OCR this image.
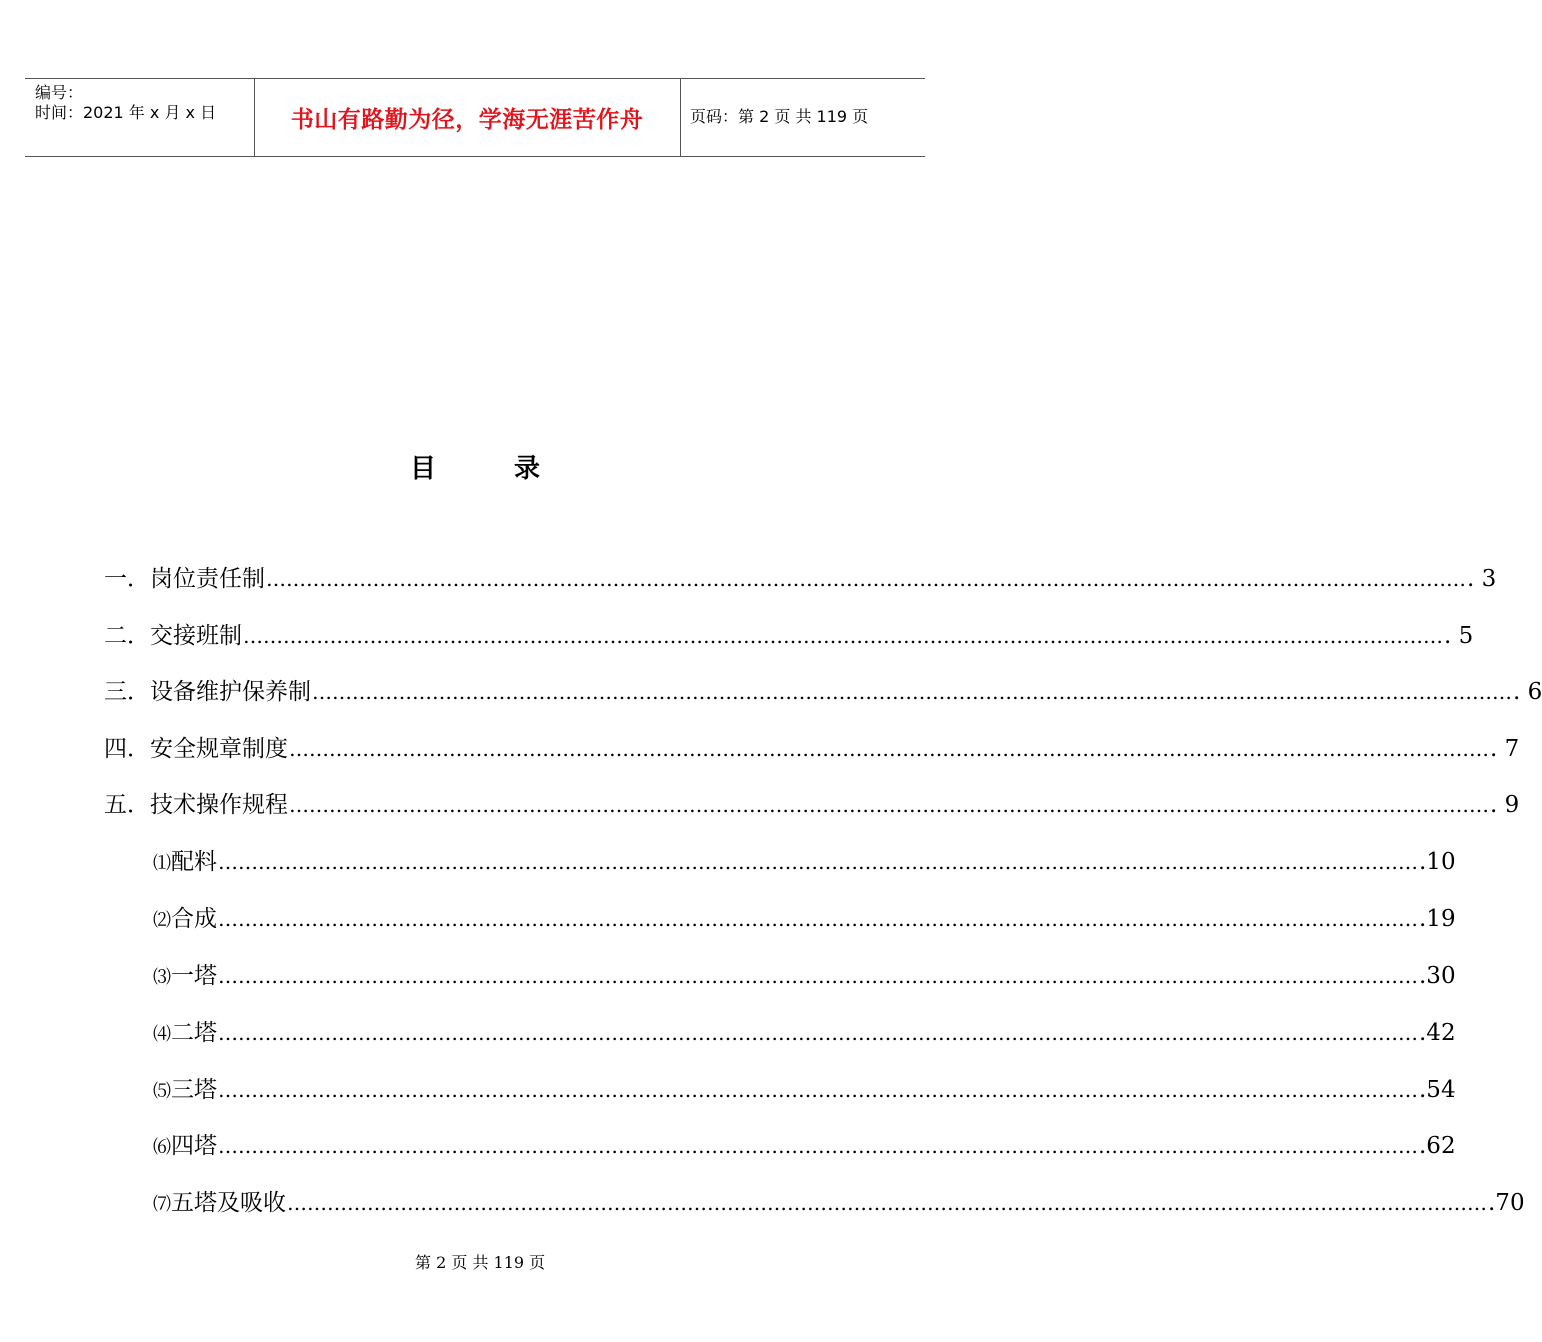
编号：
时间：2021 年 x 月 x 日	书山有路勤为径，学海无涯苦作舟	页码：第 2 页 共 119 页
目	录
一． 岗位责任制 ……………………………………………………………………………………………………………………………………………………………… . 3
二． 交接班制 ……………………………………………………………………………………………………………………………………………………………… . 5
三． 设备维护保养制 ……………………………………………………………………………………………………………………………………………………………… . 6
四． 安全规章制度 ……………………………………………………………………………………………………………………………………………………………… . 7
五． 技术操作规程 ……………………………………………………………………………………………………………………………………………………………… . 9
⑴ 配料 ……………………………………………………………………………………………………………………………………………………………… .10
⑵ 合成 ……………………………………………………………………………………………………………………………………………………………… .19
⑶ 一塔 ……………………………………………………………………………………………………………………………………………………………… .30
⑷ 二塔 ……………………………………………………………………………………………………………………………………………………………… .42
⑸ 三塔 ……………………………………………………………………………………………………………………………………………………………… .54
⑹ 四塔 ……………………………………………………………………………………………………………………………………………………………… .62
⑺ 五塔及吸收 ……………………………………………………………………………………………………………………………………………………………… .70

第 2 页 共 119 页
